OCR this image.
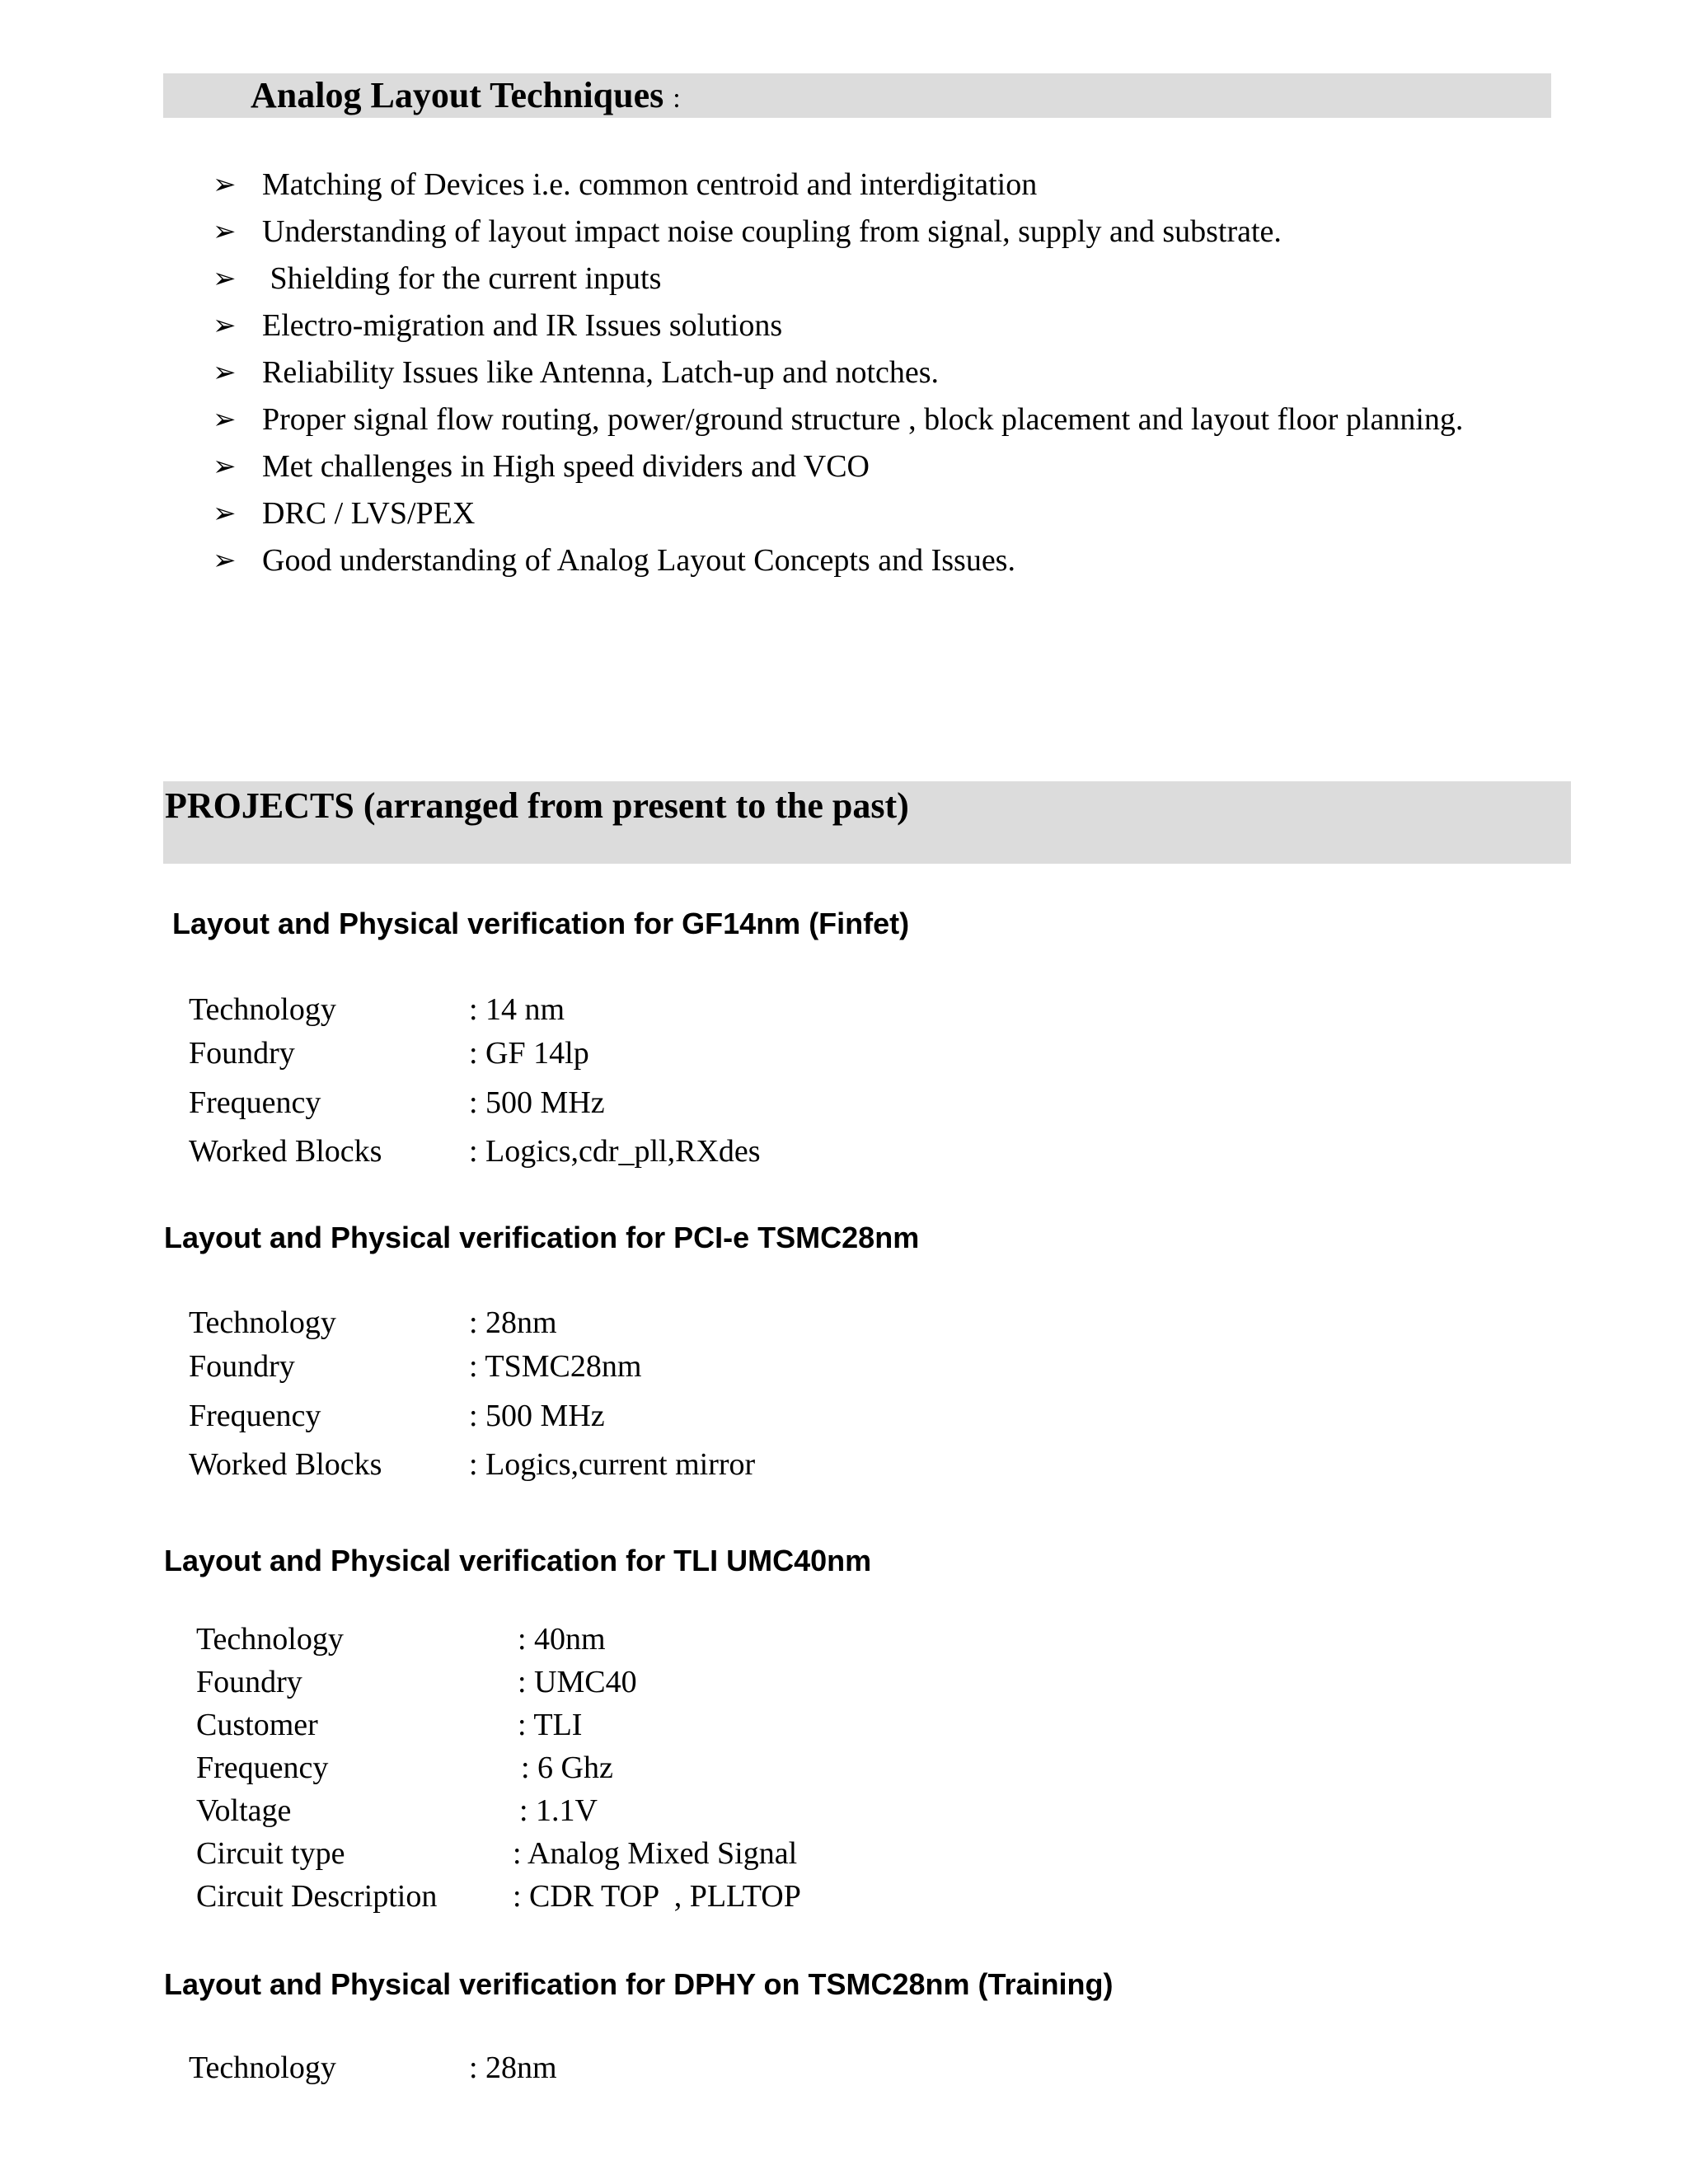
Analog Layout Techniques :
➢ Matching of Devices i.e. common centroid and interdigitation
➢ Understanding of layout impact noise coupling from signal, supply and substrate.
➢ Shielding for the current inputs
➢ Electro-migration and IR Issues solutions
➢ Reliability Issues like Antenna, Latch-up and notches.
➢ Proper signal flow routing, power/ground structure , block placement and layout floor planning.
➢ Met challenges in High speed dividers and VCO
➢ DRC / LVS/PEX
➢ Good understanding of Analog Layout Concepts and Issues.
PROJECTS (arranged from present to the past)
Layout and Physical verification for GF14nm (Finfet)
Technology	: 14 nm
Foundry	: GF 14lp
Frequency	: 500 MHz
Worked Blocks	: Logics,cdr_pll,RXdes
Layout and Physical verification for PCI-e TSMC28nm
Technology	: 28nm
Foundry	: TSMC28nm
Frequency	: 500 MHz
Worked Blocks	: Logics,current mirror
Layout and Physical verification for TLI UMC40nm
Technology	: 40nm
Foundry	: UMC40
Customer	: TLI
Frequency	: 6 Ghz
Voltage	: 1.1V
Circuit type	: Analog Mixed Signal
Circuit Description : CDR TOP  , PLLTOP
Layout and Physical verification for DPHY on TSMC28nm (Training)
Technology	: 28nm
